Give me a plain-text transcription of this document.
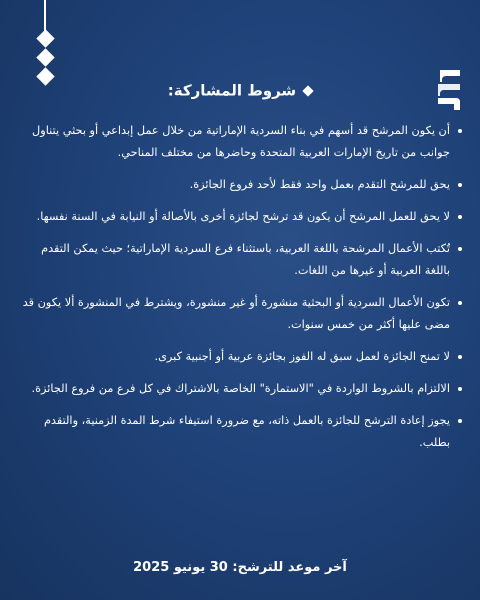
شروط المشاركة:
أن يكون المرشح قد أسهم في بناء السردية الإماراتية من خلال عمل إبداعي أو بحثي يتناول جوانب من تاريخ الإمارات العربية المتحدة وحاضرها من مختلف المناحي.
يحق للمرشح التقدم بعمل واحد فقط لأحد فروع الجائزة.
لا يحق للعمل المرشح أن يكون قد ترشح لجائزة أخرى بالأصالة أو النيابة في السنة نفسها.
تُكتب الأعمال المرشحة باللغة العربية، باستثناء فرع السردية الإماراتية؛ حيث يمكن التقدم باللغة العربية أو غيرها من اللغات.
تكون الأعمال السردية أو البحثية منشورة أو غير منشورة، ويشترط في المنشورة ألا يكون قد مضى عليها أكثر من خمس سنوات.
لا تمنح الجائزة لعمل سبق له الفوز بجائزة عربية أو أجنبية كبرى.
الالتزام بالشروط الواردة في "الاستمارة" الخاصة بالاشتراك في كل فرع من فروع الجائزة.
يجوز إعادة الترشح للجائزة بالعمل ذاته، مع ضرورة استيفاء شرط المدة الزمنية، والتقدم بطلب.
آخر موعد للترشح: 30 يونيو 2025
